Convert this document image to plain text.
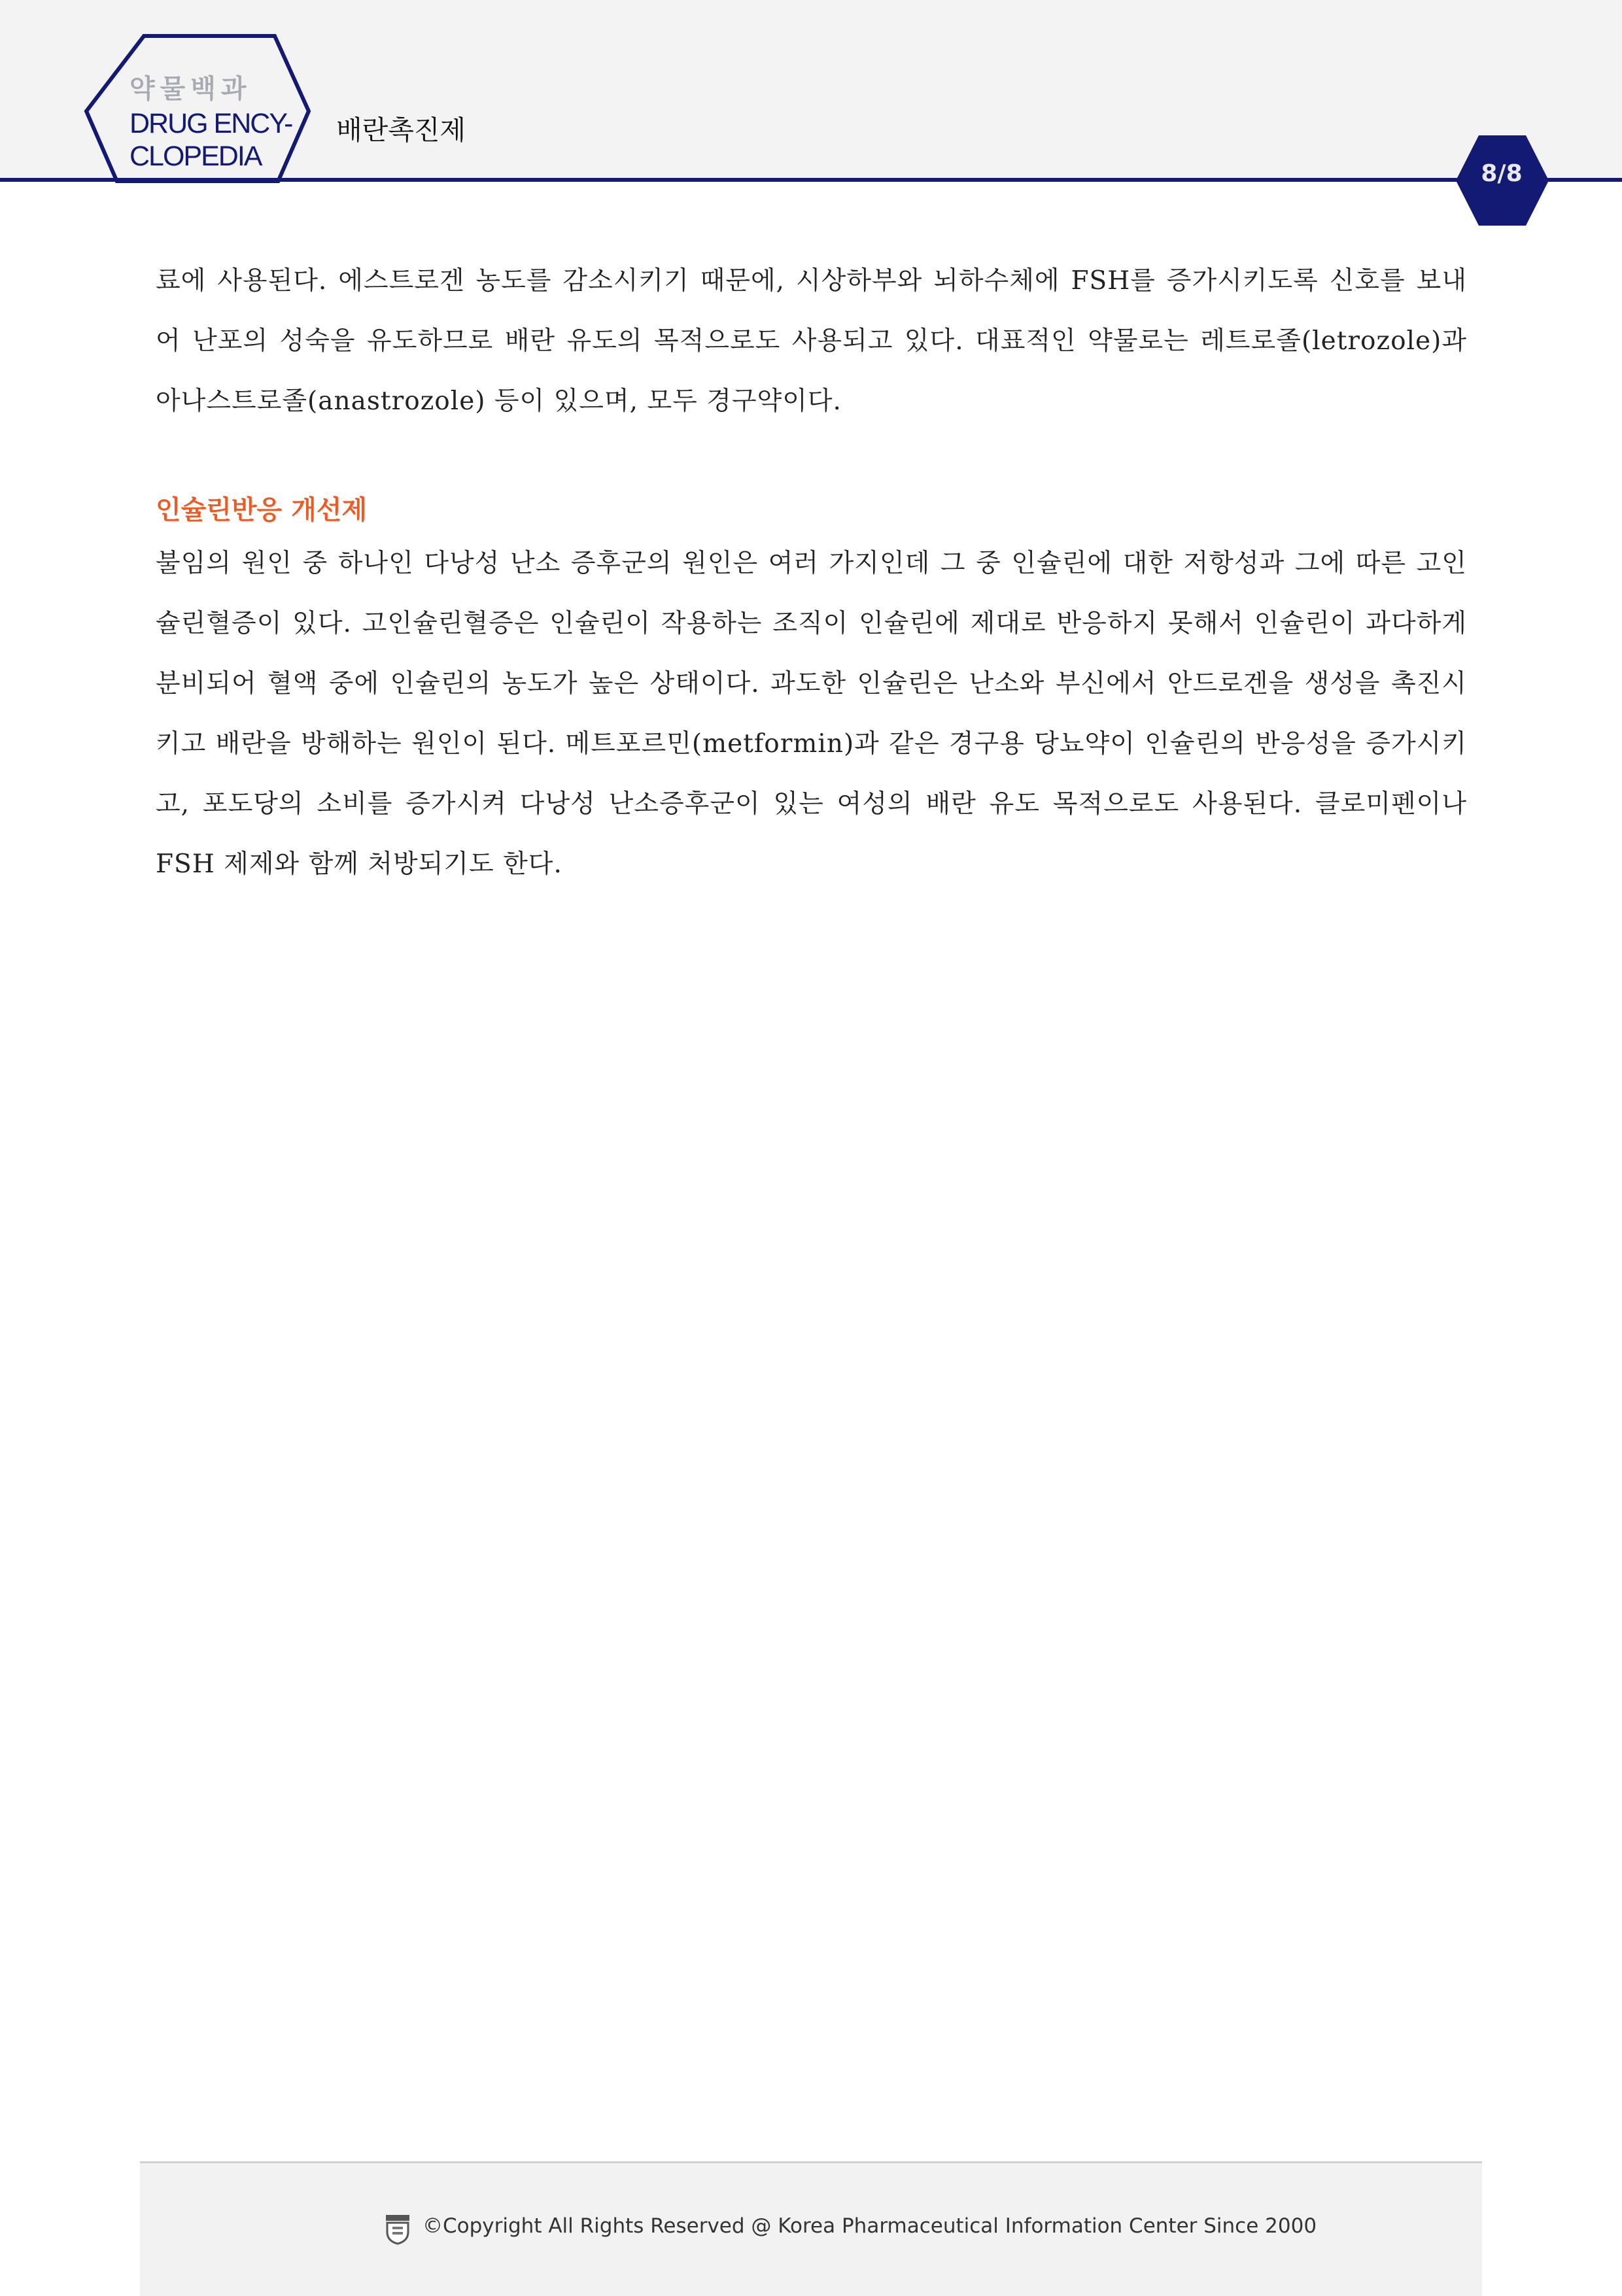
약물백과
DRUG ENCY-
CLOPEDIA
배란촉진제
8/8

료에 사용된다. 에스트로겐 농도를 감소시키기 때문에, 시상하부와 뇌하수체에 FSH를 증가시키도록 신호를 보내어 난포의 성숙을 유도하므로 배란 유도의 목적으로도 사용되고 있다. 대표적인 약물로는 레트로졸(letrozole)과 아나스트로졸(anastrozole) 등이 있으며, 모두 경구약이다.

인슐린반응 개선제

불임의 원인 중 하나인 다낭성 난소 증후군의 원인은 여러 가지인데 그 중 인슐린에 대한 저항성과 그에 따른 고인슐린혈증이 있다. 고인슐린혈증은 인슐린이 작용하는 조직이 인슐린에 제대로 반응하지 못해서 인슐린이 과다하게 분비되어 혈액 중에 인슐린의 농도가 높은 상태이다. 과도한 인슐린은 난소와 부신에서 안드로겐을 생성을 촉진시키고 배란을 방해하는 원인이 된다. 메트포르민(metformin)과 같은 경구용 당뇨약이 인슐린의 반응성을 증가시키고, 포도당의 소비를 증가시켜 다낭성 난소증후군이 있는 여성의 배란 유도 목적으로도 사용된다. 클로미펜이나 FSH 제제와 함께 처방되기도 한다.

©Copyright All Rights Reserved @ Korea Pharmaceutical Information Center Since 2000
